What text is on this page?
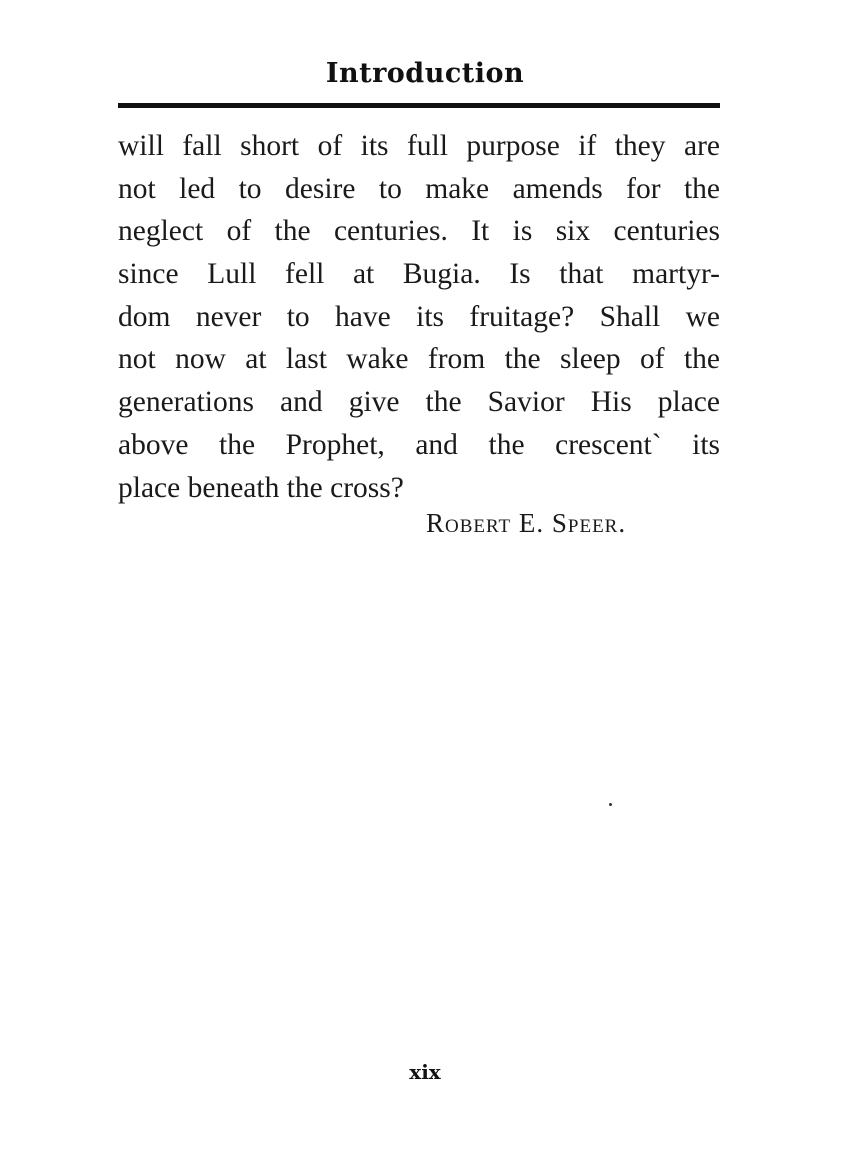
Introduction
will fall short of its full purpose if they are
not led to desire to make amends for the
neglect of the centuries. It is six centuries
since Lull fell at Bugia. Is that martyr-
dom never to have its fruitage? Shall we
not now at last wake from the sleep of the
generations and give the Savior His place
above the Prophet, and the crescent` its
place beneath the cross?
Robert E. Speer.
xix
